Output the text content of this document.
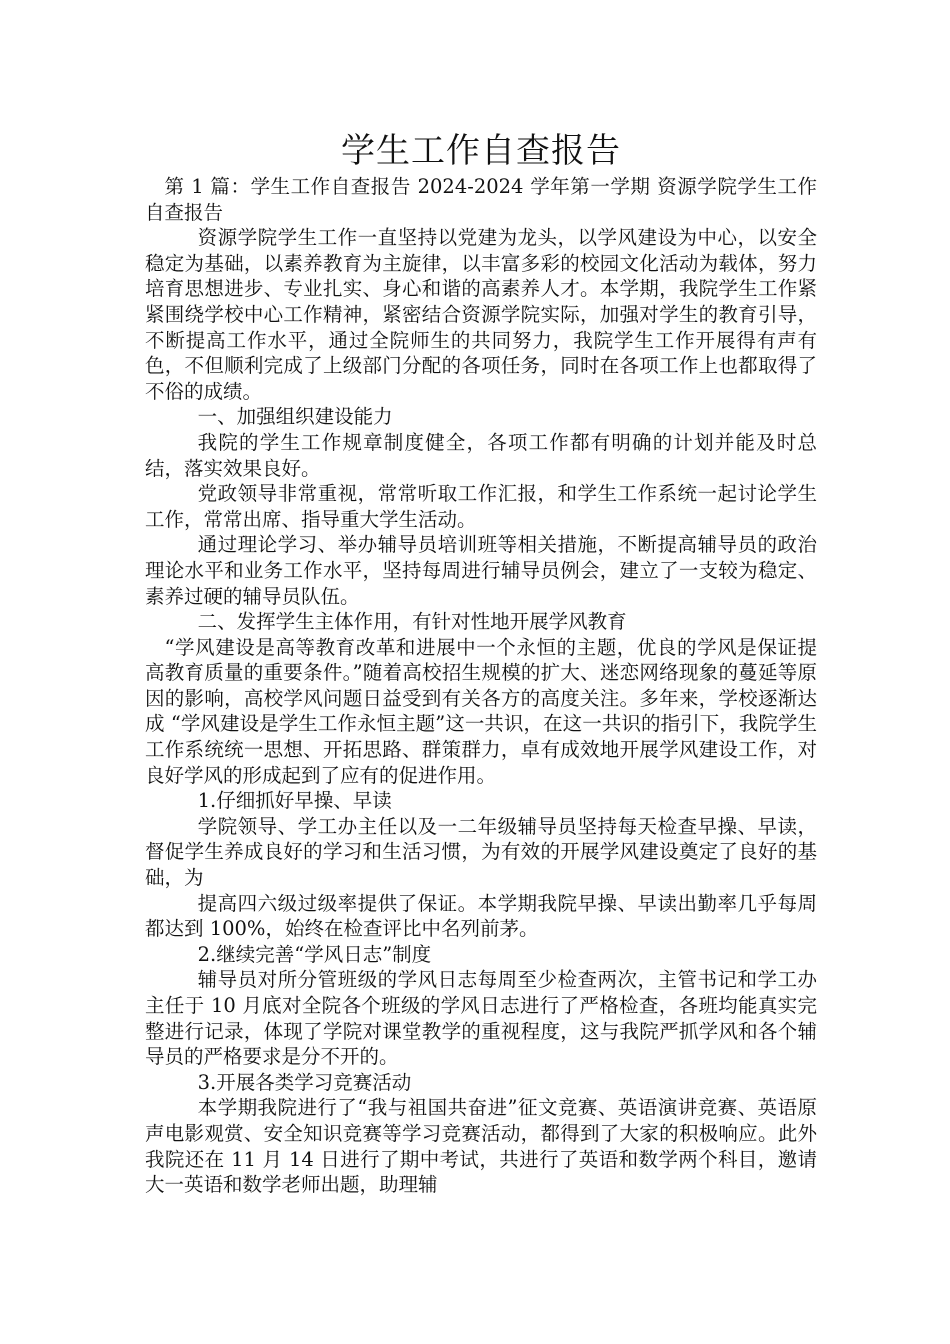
学生工作自查报告

第 1 篇：学生工作自查报告 2024-2024 学年第一学期 资源学院学生工作自查报告

资源学院学生工作一直坚持以党建为龙头，以学风建设为中心，以安全稳定为基础，以素养教育为主旋律，以丰富多彩的校园文化活动为载体，努力培育思想进步、专业扎实、身心和谐的高素养人才。本学期，我院学生工作紧紧围绕学校中心工作精神，紧密结合资源学院实际，加强对学生的教育引导，不断提高工作水平，通过全院师生的共同努力，我院学生工作开展得有声有色，不但顺利完成了上级部门分配的各项任务，同时在各项工作上也都取得了不俗的成绩。

一、加强组织建设能力

我院的学生工作规章制度健全，各项工作都有明确的计划并能及时总结，落实效果良好。

党政领导非常重视，常常听取工作汇报，和学生工作系统一起讨论学生工作，常常出席、指导重大学生活动。

通过理论学习、举办辅导员培训班等相关措施，不断提高辅导员的政治理论水平和业务工作水平，坚持每周进行辅导员例会，建立了一支较为稳定、素养过硬的辅导员队伍。

二、发挥学生主体作用，有针对性地开展学风教育

“学风建设是高等教育改革和进展中一个永恒的主题，优良的学风是保证提高教育质量的重要条件。”随着高校招生规模的扩大、迷恋网络现象的蔓延等原因的影响，高校学风问题日益受到有关各方的高度关注。多年来，学校逐渐达成 “学风建设是学生工作永恒主题”这一共识，在这一共识的指引下，我院学生工作系统统一思想、开拓思路、群策群力，卓有成效地开展学风建设工作，对良好学风的形成起到了应有的促进作用。

1.仔细抓好早操、早读

学院领导、学工办主任以及一二年级辅导员坚持每天检查早操、早读，督促学生养成良好的学习和生活习惯，为有效的开展学风建设奠定了良好的基础，为

提高四六级过级率提供了保证。本学期我院早操、早读出勤率几乎每周都达到 100%，始终在检查评比中名列前茅。

2.继续完善“学风日志”制度

辅导员对所分管班级的学风日志每周至少检查两次，主管书记和学工办主任于 10 月底对全院各个班级的学风日志进行了严格检查，各班均能真实完整进行记录，体现了学院对课堂教学的重视程度，这与我院严抓学风和各个辅导员的严格要求是分不开的。

3.开展各类学习竞赛活动

本学期我院进行了“我与祖国共奋进”征文竞赛、英语演讲竞赛、英语原声电影观赏、安全知识竞赛等学习竞赛活动，都得到了大家的积极响应。此外我院还在 11 月 14 日进行了期中考试，共进行了英语和数学两个科目，邀请大一英语和数学老师出题，助理辅
